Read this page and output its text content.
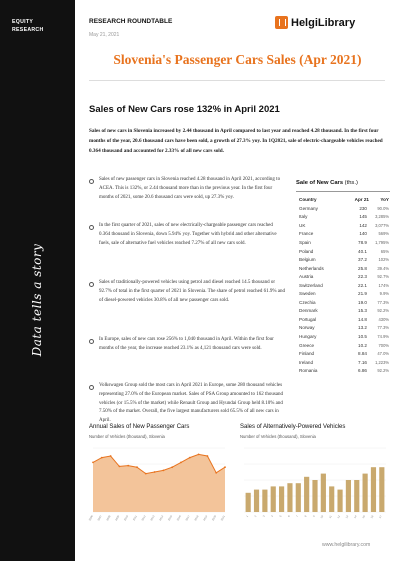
EQUITY
RESEARCH
Data tells a story
RESEARCH ROUNDTABLE
May 21, 2021
HelgiLibrary
Slovenia's Passenger Cars Sales (Apr 2021)
Sales of New Cars rose 132% in April 2021
Sales of new cars in Slovenia increased by 2.44 thousand in April compared to last year and reached 4.28 thousand. In the first four months of the year, 20.6 thousand cars have been sold, a growth of 27.3% yoy. In 1Q2021, sale of electric-chargeable vehicles reached 0.364 thousand and accounted for 2.33% of all new cars sold.
Sales of new passenger cars in Slovenia reached 4.28 thousand in April 2021, according to ACEA. This is 132%, or 2.44 thousand more than in the previous year. In the first four months of 2021, some 20.6 thousand cars were sold, up 27.3% yoy.
In the first quarter of 2021, sales of new electrically-chargeable passenger cars reached 0.364 thousand in Slovenia, down 5.94% yoy. Together with hybrid and other alternative fuels, sale of alternative fuel vehicles reached 7.27% of all new cars sold.
Sales of traditionally-powered vehicles using petrol and diesel reached 14.5 thousand or 92.7% of total in the first quarter of 2021 in Slovenia. The share of petrol reached 61.9% and of diesel-powered vehicles 30.8% of all new passenger cars sold.
In Europe, sales of new cars rose 256% to 1,040 thousand in April. Within the first four months of the year, the increase reached 23.1% as 4,121 thousand cars were sold.
Volkswagen Group sold the most cars in April 2021 in Europe, some 280 thousand vehicles representing 27.0% of the European market. Sales of PSA Group amounted to 162 thousand vehicles (or 15.5% of the market) while Renault Group and Hyundai Group held 8.10% and 7.50% of the market. Overall, the five largest manufacturers sold 65.5% of all new cars in April.
Sale of New Cars (ths.)
Country	Apr 21	YoY
Germany	230	90.0%
Italy	145	3,285%
UK	142	3,077%
France	140	569%
Spain	78.9	1,795%
Poland	40.1	65%
Belgium	37.2	102%
Netherlands	25.8	39.4%
Austria	22.3	92.7%
Switzerland	22.1	174%
Sweden	21.9	9.9%
Czechia	19.0	77.3%
Denmark	15.3	92.2%
Portugal	14.8	430%
Norway	13.2	77.3%
Hungary	10.5	74.9%
Greece	10.2	700%
Finland	8.84	47.0%
Ireland	7.16	1,223%
Romania	6.86	92.2%
Annual Sales of New Passenger Cars
Number of Vehicles (thousand), Slovenia
2006	2007	2008	2009	2010	2011	2012	2013	2014	2015	2016	2017	2018	2019	2020	2021
Sales of Alternatively-Powered Vehicles
Number of Vehicles (thousand), Slovenia
1	2	3	4	5	6	7	8	9	10	11	12	13	14	15	16	17
www.helgilibrary.com
